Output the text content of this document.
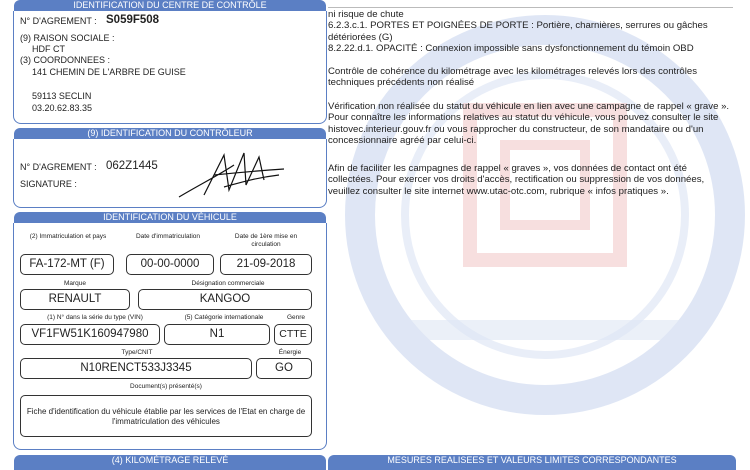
IDENTIFICATION DU CENTRE DE CONTRÔLE
N° D'AGREMENT : S059F508
(9) RAISON SOCIALE :
HDF CT
(3) COORDONNEES :
141 CHEMIN DE L'ARBRE DE GUISE
59113 SECLIN
03.20.62.83.35
(9) IDENTIFICATION DU CONTRÔLEUR
N° D'AGREMENT : 062Z1445
SIGNATURE :
IDENTIFICATION DU VÉHICULE
(2) Immatriculation et pays	Date d'immatriculation	Date de 1ère mise en circulation
FA-172-MT (F)	00-00-0000	21-09-2018
Marque	Désignation commerciale
RENAULT	KANGOO
(1) N° dans la série du type (VIN)	(5) Catégorie internationale	Genre
VF1FW51K160947980	N1	CTTE
Type/CNIT	Énergie
N10RENCT533J3345	GO
Document(s) présenté(s)
Fiche d'identification du véhicule établie par les services de l'Etat en charge de l'immatriculation des véhicules
(4) KILOMÉTRAGE RELEVÉ	MESURES REALISEES ET VALEURS LIMITES CORRESPONDANTES

ni risque de chute

6.2.3.c.1. PORTES ET POIGNÉES DE PORTE : Portière, charnières, serrures ou gâches détériorées (G)

8.2.22.d.1. OPACITÉ : Connexion impossible sans dysfonctionnement du témoin OBD

Contrôle de cohérence du kilométrage avec les kilométrages relevés lors des contrôles techniques précédents non réalisé
Vérification non réalisée du statut du véhicule en lien avec une campagne de rappel « grave ». Pour connaître les informations relatives au statut du véhicule, vous pouvez consulter le site histovec.interieur.gouv.fr ou vous rapprocher du constructeur, de son mandataire ou d'un concessionnaire agréé par celui-ci.
Afin de faciliter les campagnes de rappel « graves », vos données de contact ont été collectées. Pour exercer vos droits d'accès, rectification ou suppression de vos données, veuillez consulter le site internet www.utac-otc.com, rubrique « infos pratiques ».
